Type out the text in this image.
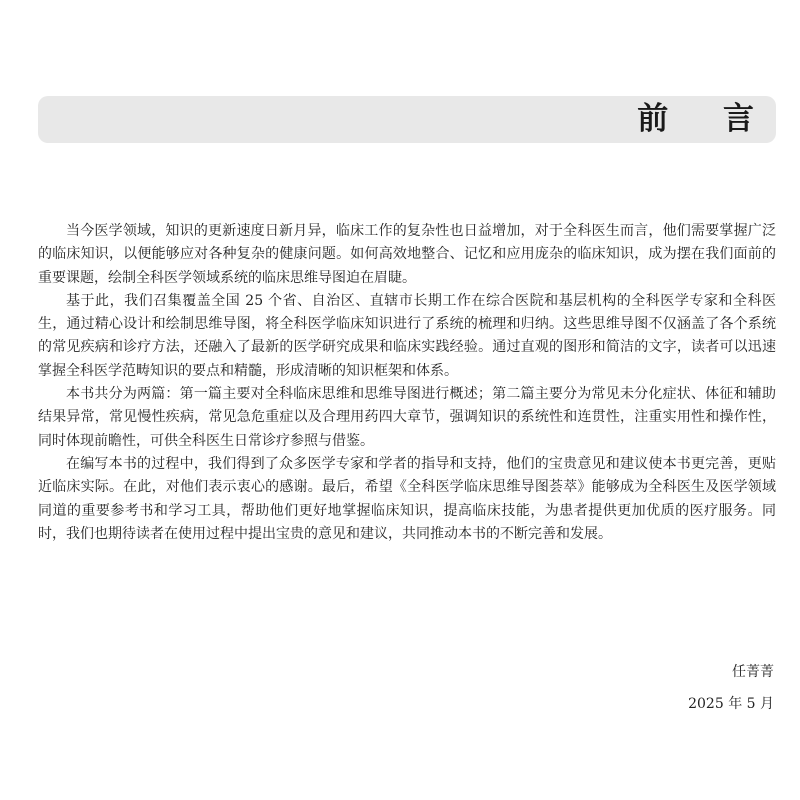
前 言

当今医学领域，知识的更新速度日新月异，临床工作的复杂性也日益增加，对于全科医生而言，他们需要掌握广泛的临床知识，以便能够应对各种复杂的健康问题。如何高效地整合、记忆和应用庞杂的临床知识，成为摆在我们面前的重要课题，绘制全科医学领域系统的临床思维导图迫在眉睫。

基于此，我们召集覆盖全国 25 个省、自治区、直辖市长期工作在综合医院和基层机构的全科医学专家和全科医生，通过精心设计和绘制思维导图，将全科医学临床知识进行了系统的梳理和归纳。这些思维导图不仅涵盖了各个系统的常见疾病和诊疗方法，还融入了最新的医学研究成果和临床实践经验。通过直观的图形和简洁的文字，读者可以迅速掌握全科医学范畴知识的要点和精髓，形成清晰的知识框架和体系。

本书共分为两篇：第一篇主要对全科临床思维和思维导图进行概述；第二篇主要分为常见未分化症状、体征和辅助结果异常，常见慢性疾病，常见急危重症以及合理用药四大章节，强调知识的系统性和连贯性，注重实用性和操作性，同时体现前瞻性，可供全科医生日常诊疗参照与借鉴。

在编写本书的过程中，我们得到了众多医学专家和学者的指导和支持，他们的宝贵意见和建议使本书更完善，更贴近临床实际。在此，对他们表示衷心的感谢。最后，希望《全科医学临床思维导图荟萃》能够成为全科医生及医学领域同道的重要参考书和学习工具，帮助他们更好地掌握临床知识，提高临床技能，为患者提供更加优质的医疗服务。同时，我们也期待读者在使用过程中提出宝贵的意见和建议，共同推动本书的不断完善和发展。

任菁菁
2025 年 5 月
